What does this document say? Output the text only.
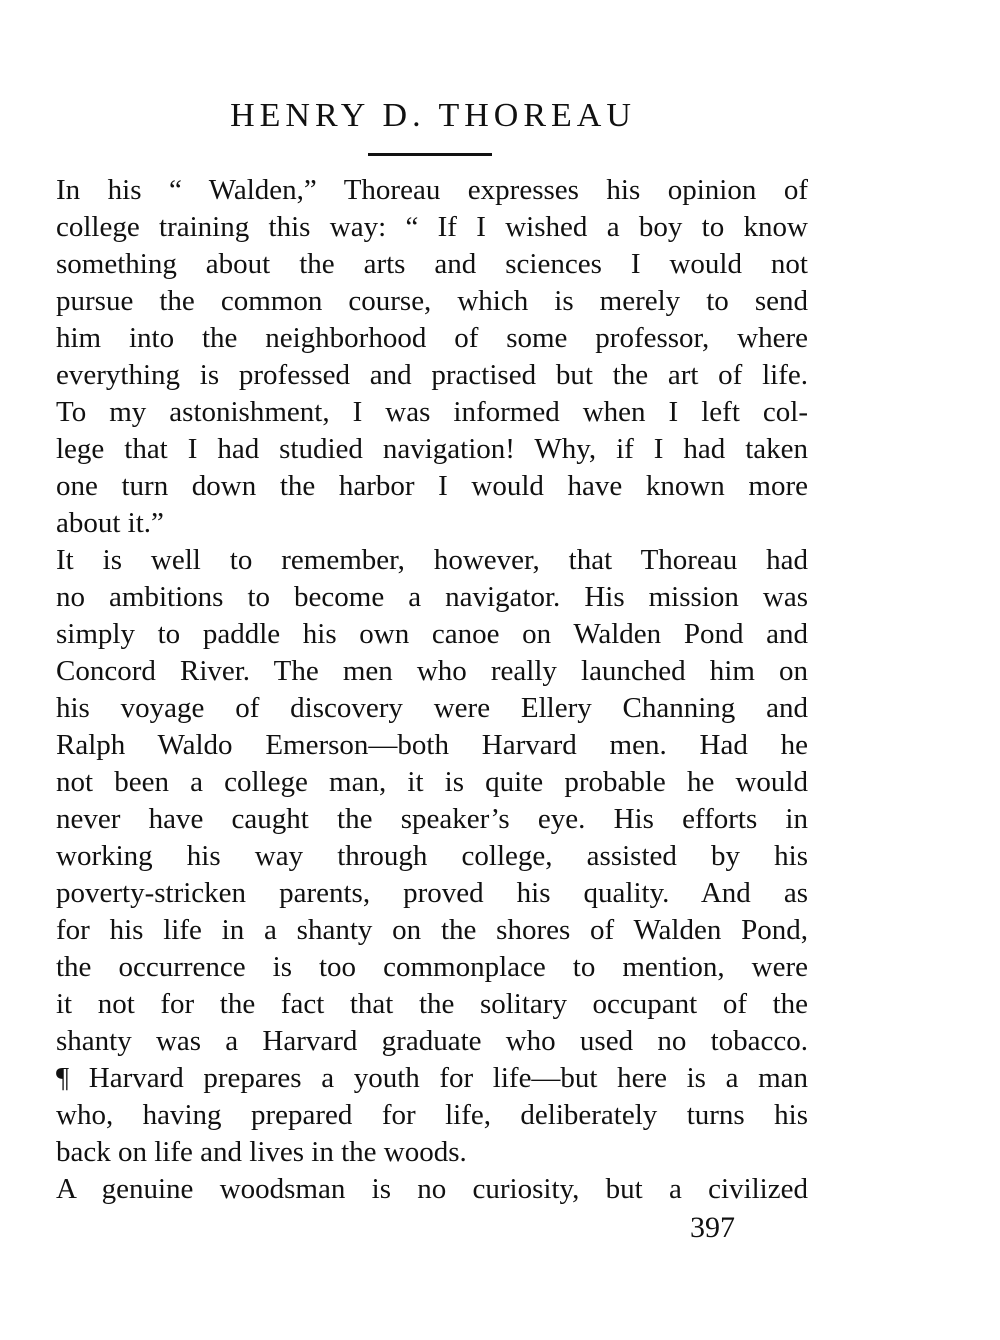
HENRY D. THOREAU
In his “ Walden,” Thoreau expresses his opinion of
college training this way: “ If I wished a boy to know
something about the arts and sciences I would not
pursue the common course, which is merely to send
him into the neighborhood of some professor, where
everything is professed and practised but the art of life.
To my astonishment, I was informed when I left col-
lege that I had studied navigation! Why, if I had taken
one turn down the harbor I would have known more
about it.”
It is well to remember, however, that Thoreau had
no ambitions to become a navigator. His mission was
simply to paddle his own canoe on Walden Pond and
Concord River. The men who really launched him on
his voyage of discovery were Ellery Channing and
Ralph Waldo Emerson—both Harvard men. Had he
not been a college man, it is quite probable he would
never have caught the speaker’s eye. His efforts in
working his way through college, assisted by his
poverty-stricken parents, proved his quality. And as
for his life in a shanty on the shores of Walden Pond,
the occurrence is too commonplace to mention, were
it not for the fact that the solitary occupant of the
shanty was a Harvard graduate who used no tobacco.
¶ Harvard prepares a youth for life—but here is a man
who, having prepared for life, deliberately turns his
back on life and lives in the woods.
A genuine woodsman is no curiosity, but a civilized
397
